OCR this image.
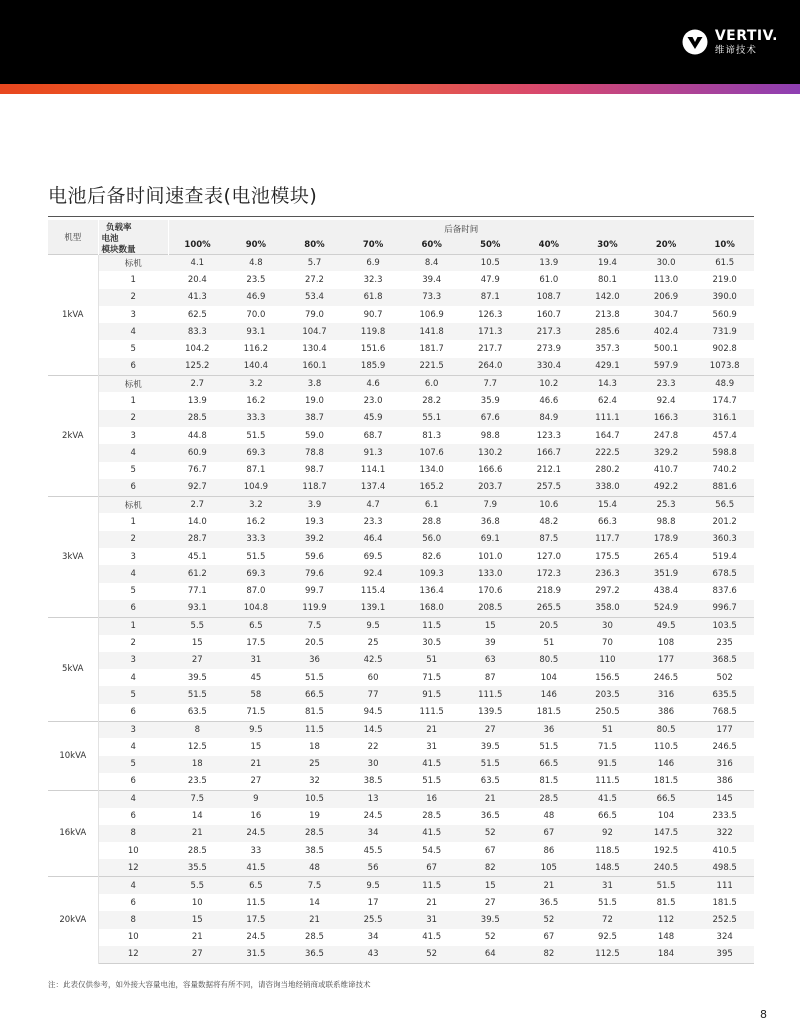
VERTIV.
维谛技术
电池后备时间速查表(电池模块)
机型	负载率
电池
模块数量	后备时间									
		100%	90%	80%	70%	60%	50%	40%	30%	20%	10%
1kVA	标机	4.1	4.8	5.7	6.9	8.4	10.5	13.9	19.4	30.0	61.5
	1	20.4	23.5	27.2	32.3	39.4	47.9	61.0	80.1	113.0	219.0
	2	41.3	46.9	53.4	61.8	73.3	87.1	108.7	142.0	206.9	390.0
	3	62.5	70.0	79.0	90.7	106.9	126.3	160.7	213.8	304.7	560.9
	4	83.3	93.1	104.7	119.8	141.8	171.3	217.3	285.6	402.4	731.9
	5	104.2	116.2	130.4	151.6	181.7	217.7	273.9	357.3	500.1	902.8
	6	125.2	140.4	160.1	185.9	221.5	264.0	330.4	429.1	597.9	1073.8
2kVA	标机	2.7	3.2	3.8	4.6	6.0	7.7	10.2	14.3	23.3	48.9
	1	13.9	16.2	19.0	23.0	28.2	35.9	46.6	62.4	92.4	174.7
	2	28.5	33.3	38.7	45.9	55.1	67.6	84.9	111.1	166.3	316.1
	3	44.8	51.5	59.0	68.7	81.3	98.8	123.3	164.7	247.8	457.4
	4	60.9	69.3	78.8	91.3	107.6	130.2	166.7	222.5	329.2	598.8
	5	76.7	87.1	98.7	114.1	134.0	166.6	212.1	280.2	410.7	740.2
	6	92.7	104.9	118.7	137.4	165.2	203.7	257.5	338.0	492.2	881.6
3kVA	标机	2.7	3.2	3.9	4.7	6.1	7.9	10.6	15.4	25.3	56.5
	1	14.0	16.2	19.3	23.3	28.8	36.8	48.2	66.3	98.8	201.2
	2	28.7	33.3	39.2	46.4	56.0	69.1	87.5	117.7	178.9	360.3
	3	45.1	51.5	59.6	69.5	82.6	101.0	127.0	175.5	265.4	519.4
	4	61.2	69.3	79.6	92.4	109.3	133.0	172.3	236.3	351.9	678.5
	5	77.1	87.0	99.7	115.4	136.4	170.6	218.9	297.2	438.4	837.6
	6	93.1	104.8	119.9	139.1	168.0	208.5	265.5	358.0	524.9	996.7
5kVA	1	5.5	6.5	7.5	9.5	11.5	15	20.5	30	49.5	103.5
	2	15	17.5	20.5	25	30.5	39	51	70	108	235
	3	27	31	36	42.5	51	63	80.5	110	177	368.5
	4	39.5	45	51.5	60	71.5	87	104	156.5	246.5	502
	5	51.5	58	66.5	77	91.5	111.5	146	203.5	316	635.5
	6	63.5	71.5	81.5	94.5	111.5	139.5	181.5	250.5	386	768.5
10kVA	3	8	9.5	11.5	14.5	21	27	36	51	80.5	177
	4	12.5	15	18	22	31	39.5	51.5	71.5	110.5	246.5
	5	18	21	25	30	41.5	51.5	66.5	91.5	146	316
	6	23.5	27	32	38.5	51.5	63.5	81.5	111.5	181.5	386
16kVA	4	7.5	9	10.5	13	16	21	28.5	41.5	66.5	145
	6	14	16	19	24.5	28.5	36.5	48	66.5	104	233.5
	8	21	24.5	28.5	34	41.5	52	67	92	147.5	322
	10	28.5	33	38.5	45.5	54.5	67	86	118.5	192.5	410.5
	12	35.5	41.5	48	56	67	82	105	148.5	240.5	498.5
20kVA	4	5.5	6.5	7.5	9.5	11.5	15	21	31	51.5	111
	6	10	11.5	14	17	21	27	36.5	51.5	81.5	181.5
	8	15	17.5	21	25.5	31	39.5	52	72	112	252.5
	10	21	24.5	28.5	34	41.5	52	67	92.5	148	324
	12	27	31.5	36.5	43	52	64	82	112.5	184	395
注：此表仅供参考，如外接大容量电池，容量数据将有所不同，请咨询当地经销商或联系维谛技术
8
